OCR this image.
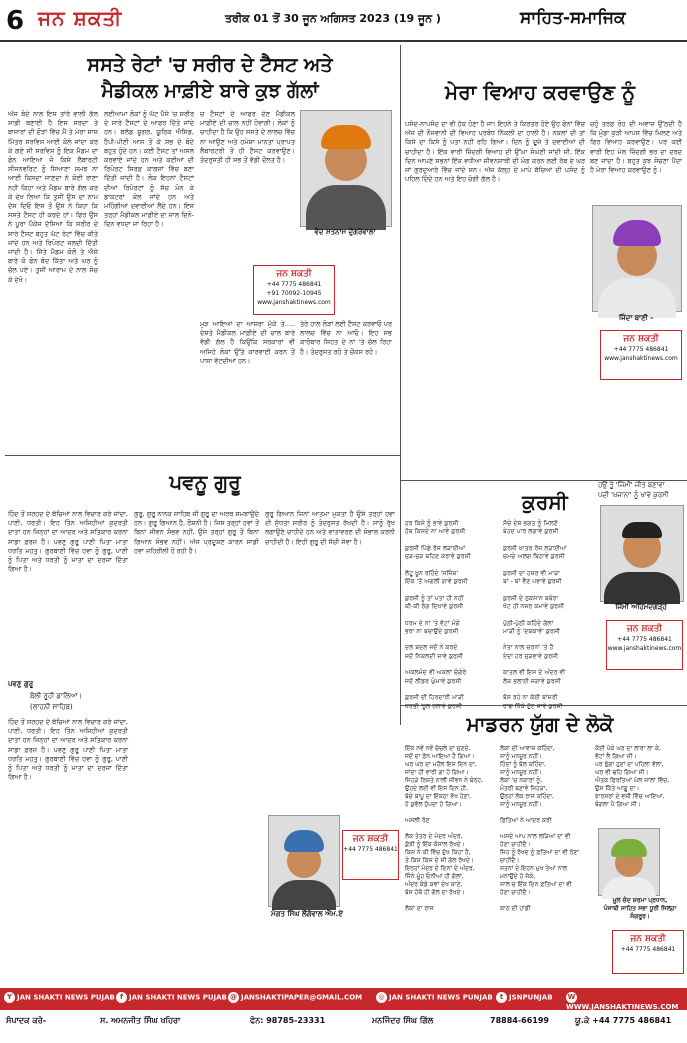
6 ਜਨ ਸ਼ਕਤੀ	ਤਰੀਕ 01 ਤੋਂ 30 ਜੂਨ ਅਗਿਸਤ 2023 (19 ਜੂਨ )	ਸਾਹਿਤ-ਸਮਾਜਿਕ
ਸਸਤੇ ਰੇਟਾਂ 'ਚ ਸਰੀਰ ਦੇ ਟੈਸਟ ਅਤੇ
ਮੈਡੀਕਲ ਮਾਫ਼ੀਏ ਬਾਰੇ ਕੁਝ ਗੱਲਾਂ
ਅੱਜ ਬੰਦੇ ਨਾਲ ਇਸ ਤਾਂਰੇ ਵਾਲੀ ਗੱਲ ਸਾਡੀ ਬਣਾਈ ਹੈ ਇਸ ਸਰਦਾ ਤੇ ਬਾਜਾਰਾਂ ਦੀ ਦੌੜਾਂ ਵਿੱਚ ਮੈਂ ਤੇ ਮੇਰਾ ਸਾਸ ਮਿੱਤਰ ਸਰਵਿਸ ਆਈ ਕੋਲੇ ਜਾਂਦਾ ਕਰ ਕੇ ਗਏ ਸੀ ਸਰਵਿਸ ਨੂੰ ਇਕ ਮੈਡਮ ਦਾ ਫੋਨ ਆਇਆ ਜੋ ਕਿਸੇ ਲੈਬਾਰਟੀ ਸੀਜਨਵਰਿਟ ਨੂੰ ਸਿਆਣਾ ਸਮਝ ਨਾ ਆਈ ਕਿਸਦਾ ਜਾਣਦਾ ਨੇ ਕੋਈ ਰਾਣਾ ਨਹੀਂ ਕਿਹਾ ਅਤੇ ਮੈਡਮ ਬਾਰੇ ਗੱਲ ਕਰ ਕੇ ਦੇਖ ਲਿਆ ਕਿ ਤੁਸੀਂ ਉਸ ਦਾ ਨਾਮ ਦੱਸ ਦਿਓ ਇਸ ਤੋਂ ਉਸ ਨੇ ਕਿਹਾ ਕਿ ਸਸਤੇ ਟੈਸਟ ਹੀ ਕਰਦੇ ਹਾਂ। ਫਿਰ ਉਸ ਨੇ ਪੂਰਾ ਪੈਕੇਜ ਦੱਸਿਆ ਕਿ ਸਰੀਰ ਦੇ ਸਾਰੇ ਟੈਸਟ ਬਹੁਤ ਘੱਟ ਰੇਟਾਂ ਵਿੱਚ ਕੀਤੇ ਜਾਂਦੇ ਹਨ ਅਤੇ ਰਿਪੋਰਟ ਜਲਦੀ ਦਿੱਤੀ ਜਾਂਦੀ ਹੈ। ਜਿੱਤੇ ਮੈਡਮ ਕੋਲੋਂ ਤੇ ਐਸੇ ਬਾਰੇ ਕੋ ਫੋਨ ਬੰਦ ਕਿੱਤਾ ਅਤੇ ਘਰ ਨੂੰ ਚੱਲ ਪਏ। ਤੁਸੀਂ ਆਰਾਮ ਦੇ ਨਾਲ ਸੋਚ ਕੇ ਦੇਖੋ।
ਲਈਆਮਾ ਲੋਕਾਂ ਨੂੰ ਘੱਟ ਪੈਸੇ 'ਚ ਸਰੀਰ ਦੇ ਸਾਰੇ ਟੈਸਟਾਂ ਦੇ ਆਫਰ ਦਿੱਤੇ ਜਾਂਦੇ ਹਨ। ਬਲੱਡ ਸ਼ੂਗਰ, ਯੂਰਿਕ ਐਸਿਡ, ਹੈਪੀ-ਪੀਣੀ ਆਸ ਤੋਂ ਕੇ ਸਭ ਦੇ ਬੰਦੇ ਬਹੁਤ ਹੁੰਦੇ ਹਨ। ਕਈ ਟੈਸਟ ਤਾਂ ਅਸਲ ਕਰਵਾਏ ਜਾਂਦੇ ਹਨ ਅਤੇ ਕਈਆਂ ਦੀ ਰਿਪੋਰਟ ਸਿਰਫ਼ ਕਾਗਜ਼ਾਂ ਵਿੱਚ ਬਣਾ ਦਿੱਤੀ ਜਾਂਦੀ ਹੈ। ਲੋਕ ਇਹਨਾਂ ਟੈਸਟਾਂ ਦੀਆਂ ਰਿਪੋਰਟਾਂ ਨੂੰ ਸੱਚ ਮੰਨ ਕੇ ਡਾਕਟਰਾਂ ਕੋਲ ਜਾਂਦੇ ਹਨ ਅਤੇ ਮਹਿੰਗੀਆਂ ਦਵਾਈਆਂ ਲੈਂਦੇ ਹਨ। ਇਸ ਤਰ੍ਹਾਂ ਮੈਡੀਕਲ ਮਾਫ਼ੀਏ ਦਾ ਜਾਲ ਦਿਨੋ-ਦਿਨ ਵਧਦਾ ਜਾ ਰਿਹਾ ਹੈ।
ਚ ਟੈਸਟਾਂ ਦੇ ਆਫਰ ਦੇਣ ਮੈਡੀਕਲ ਮਾਫ਼ੀਏ ਦੀ ਚਾਲ ਨਹੀਂ ਹੋਵਾਗੀ। ਲੋਕਾਂ ਨੂੰ ਚਾਹੀਦਾ ਹੈ ਕਿ ਉਹ ਸਸਤੇ ਦੇ ਲਾਲਚ ਵਿੱਚ ਨਾ ਆਉਣ ਅਤੇ ਹਮੇਸ਼ਾ ਮਾਨਤਾ ਪ੍ਰਾਪਤ ਲੈਬਾਰਟਰੀ ਤੋਂ ਹੀ ਟੈਸਟ ਕਰਵਾਉਣ। ਤੰਦਰੁਸਤੀ ਹੀ ਸਭ ਤੋਂ ਵੱਡੀ ਦੌਲਤ ਹੈ।
ਵੈਦ ਸਤਨਾਮ ਦੁੱਗਰੇਵਾਲਾ
ਜਨ ਸ਼ਕਤੀ
+44 7775 486841
+91 70092-10945
www.janshaktinews.com
ਮੁੜ ਆਇਆਂ ਦਾ ਆਸਰਾ ਮੁੱਕੇ ਤੇ..... ਦੇਸ਼ਤੇ ਮੈਡੀਕਲ ਮਾਫ਼ੀਏ ਦੀ ਚਾਲ ਬਾਰੇ ਵੱਡੀ ਗੱਲ ਹੈ ਕਿਉਂਕਿ ਸਰਕਾਰਾਂ ਵੀ ਅਜਿਹੇ ਲੋਕਾਂ ਉੱਤੇ ਕਾਰਵਾਈ ਕਰਨ ਤੋਂ ਪਾਸਾ ਵੱਟਦੀਆਂ ਹਨ।
ਤੇਰੇ ਹਾਲ ਲੋੜਾਂ ਲਈ ਟੈਸਟ ਕਰਵਾਓ ਪਰ ਲਾਲਚ ਵਿੱਚ ਨਾ ਆਓ। ਇਹ ਸਭ ਕਾਰੋਬਾਰ ਸਿਹਤ ਦੇ ਨਾਂ 'ਤੇ ਚੱਲ ਰਿਹਾ ਹੈ। ਤੰਦਰੁਸਤ ਰਹੋ ਤੇ ਚੌਕਸ ਰਹੋ।
ਮੇਰਾ ਵਿਆਹ ਕਰਵਾਉਣ ਨੂੰ
ਪਸੰਦ-ਨਾਪਸੰਦ ਦਾ ਵੀ ਹੱਕ ਹੋਣਾ ਹੈ ਜਾ! ਇਹਨੇ ਤੇ ਕਿਰਤਰ ਹੋਏ ਉਹ ਫੋਨਾਂ ਵਿੱਚ ਅੱਜ ਦੀ ਨੌਜਵਾਨੀ ਦੀ ਵਿਆਹ ਪ੍ਰਬੰਧ ਨਿੱਕਲੀ ਦਾ ਹਾਲੀ ਹੈ। ਨਕਲਾਂ ਦੀ ਤਾਂ ਕਿਸੇ ਦਾ ਕਿਸੇ ਨੂੰ ਪਤਾ ਨਹੀਂ ਰਹਿ ਗਿਆ। ਦਿਨ ਨੂੰ ਦੂਜੇ ਤੇ ਦਵਾਈਆਂ ਦੀ ਚਾਹੀਦਾ ਹੈ। ਇੱਕ ਵਾਰੀ ਜ਼ਿੰਦਗੀ ਵਿਆਹ ਦੀ ਉੱਘਾ ਸੰਘਣੀ ਜਾਂਦੀ ਸੀ, ਇੱਕ ਦਿਨ ਆਪਣੇ ਸਭਨਾਂ ਇੱਕ ਵਧੀਆ ਜੀਵਨਸਾਥੀ ਦੀ ਮੰਗ ਕਰਨ ਲਈ ਰੱਬ ਦੇ ਘਰ ਜਾਂ ਗੁਰਦੁਆਰੇ ਵਿੱਚ ਜਾਂਦੇ ਸਨ। ਅੱਜ ਕੱਲ੍ਹ ਦੇ ਮਾਪੇ ਬੱਚਿਆਂ ਦੀ ਪਸੰਦ ਨੂੰ ਪਹਿਲ ਦਿੰਦੇ ਹਨ ਅਤੇ ਇਹ ਚੰਗੀ ਗੱਲ ਹੈ।
ਚਹੁੰ ਤਰਫ਼ ਰੋਹ ਦੀ ਅਵਾਜ਼ ਉੱਠਦੀ ਹੈ ਕਿ ਮੁੰਡਾ ਕੁੜੀ ਆਪਸ ਵਿੱਚ ਮਿਲਣ ਅਤੇ ਫਿਰ ਵਿਆਹ ਕਰਵਾਉਣ। ਪਰ ਕਈ ਵਾਰੀ ਇਹ ਮੇਲ ਜ਼ਿੰਦਗੀ ਭਰ ਦਾ ਦਰਦ ਬਣ ਜਾਂਦਾ ਹੈ। ਬਹੁਤ ਕੁਝ ਸੋਚਣਾ ਪੈਂਦਾ ਹੈ ਮੇਰਾ ਵਿਆਹ ਕਰਵਾਉਣ ਨੂੰ।
ਜਿੰਦਾ ਬਾਣੀ -
ਜਨ ਸ਼ਕਤੀ
+44 7775 486841
www.janshaktinews.com
ਪਵਨੂ ਗੁਰੂ
ਹਿੰਦ ਤੋਂ ਸਰਹਦ ਦੇ ਬੱਚਿਆਂ ਨਾਲ ਵਿਚਾਰ ਕਰੇ ਜਾਂਦਾ, ਪਾਣੀ, ਧਰਤੀ। ਇਹ ਤਿੰਨ ਅਜਿਹੀਆਂ ਕੁਦਰਤੀ ਦਾਤਾਂ ਹਨ ਜਿਨ੍ਹਾਂ ਦਾ ਆਦਰ ਅਤੇ ਸਤਿਕਾਰ ਕਰਨਾ ਸਾਡਾ ਫ਼ਰਜ਼ ਹੈ। ਪਵਣੁ ਗੁਰੂ ਪਾਣੀ ਪਿਤਾ ਮਾਤਾ ਧਰਤਿ ਮਹਤੁ। ਗੁਰਬਾਣੀ ਵਿੱਚ ਹਵਾ ਨੂੰ ਗੁਰੂ, ਪਾਣੀ ਨੂੰ ਪਿਤਾ ਅਤੇ ਧਰਤੀ ਨੂੰ ਮਾਤਾ ਦਾ ਦਰਜਾ ਦਿੱਤਾ ਗਿਆ ਹੈ।
ਪਵਣੁ ਗੁਰੂ
ਬੋਲੀ ਰੂਹੀ ਡਾਲਿਆ।
(ਲਾਹਨੀ ਸਾਹਿਬ)
ਹਿੰਦ ਤੋਂ ਸਰਹਦ ਦੇ ਬੱਚਿਆਂ ਨਾਲ ਵਿਚਾਰ ਕਰੇ ਜਾਂਦਾ, ਪਾਣੀ, ਧਰਤੀ। ਇਹ ਤਿੰਨ ਅਜਿਹੀਆਂ ਕੁਦਰਤੀ ਦਾਤਾਂ ਹਨ ਜਿਨ੍ਹਾਂ ਦਾ ਆਦਰ ਅਤੇ ਸਤਿਕਾਰ ਕਰਨਾ ਸਾਡਾ ਫ਼ਰਜ਼ ਹੈ। ਪਵਣੁ ਗੁਰੂ ਪਾਣੀ ਪਿਤਾ ਮਾਤਾ ਧਰਤਿ ਮਹਤੁ। ਗੁਰਬਾਣੀ ਵਿੱਚ ਹਵਾ ਨੂੰ ਗੁਰੂ, ਪਾਣੀ ਨੂੰ ਪਿਤਾ ਅਤੇ ਧਰਤੀ ਨੂੰ ਮਾਤਾ ਦਾ ਦਰਜਾ ਦਿੱਤਾ ਗਿਆ ਹੈ।
ਗੁਰੂ, ਗੁਰੂ ਨਾਨਕ ਸਾਹਿਬ ਜੀ ਗੁਰੂ ਦਾ ਅਰਥ ਸਮਝਾਉਂਦੇ ਹਨ। ਗੁਰੂ ਗਿਆਨ ਹੈ, ਰੌਸ਼ਨੀ ਹੈ। ਜਿਸ ਤਰ੍ਹਾਂ ਹਵਾ ਤੋਂ ਬਿਨਾਂ ਜੀਵਨ ਸੰਭਵ ਨਹੀਂ, ਉਸੇ ਤਰ੍ਹਾਂ ਗੁਰੂ ਤੋਂ ਬਿਨਾਂ ਗਿਆਨ ਸੰਭਵ ਨਹੀਂ। ਅੱਜ ਪ੍ਰਦੂਸ਼ਣ ਕਾਰਨ ਸਾਡੀ ਹਵਾ ਜ਼ਹਿਰੀਲੀ ਹੋ ਰਹੀ ਹੈ।
ਗੁਰੂ ਗਿਆਨ ਜਿਨਾਂ ਆਤਮਾ ਮੁਕਤਾ ਹੈ ਉਸੇ ਤਰ੍ਹਾਂ ਹਵਾ ਦੀ ਸ਼ੁੱਧਤਾ ਸਰੀਰ ਨੂੰ ਤੰਦਰੁਸਤ ਰੱਖਦੀ ਹੈ। ਸਾਨੂੰ ਰੁੱਖ ਲਗਾਉਣੇ ਚਾਹੀਦੇ ਹਨ ਅਤੇ ਵਾਤਾਵਰਣ ਦੀ ਸੰਭਾਲ ਕਰਨੀ ਚਾਹੀਦੀ ਹੈ। ਇਹੀ ਗੁਰੂ ਦੀ ਸੱਚੀ ਸੇਵਾ ਹੈ।
ਮੰਗਤ ਸਿੰਘ ਲੌਂਗੋਵਾਲ ਐਮ.ਏ
ਜਨ ਸ਼ਕਤੀ
+44 7775 486841
ਕੁਰਸੀ
ਹਰ ਕਿਸੇ ਨੂੰ ਭਾਵੇ ਕੁਰਸੀ
ਹੱਥ ਕਿਸਦੇ ਨਾ ਆਵੇ ਕੁਰਸੀ

ਕੁਰਸੀ ਪਿੱਛੇ ਰੋਜ਼ ਲੜਾਈਆਂ
ਜੁੜ-ਜੁੜ ਬਹਿਣ ਕਰਾਵੇ ਕੁਰਸੀ

ਲੋਟੂ ਖ਼ੂਨ ਰਹਿੰਦੇ 'ਸਜਿੰਸ਼'
ਇੱਕ 'ਤੋਂ ਅਗਲੀ ਗਾਵੇ ਕੁਰਸੀ

ਕੁਰਸੀ ਨੂੰ ਤਾਂ ਪਤਾ ਹੀ ਨਹੀਂ
ਕੀ-ਕੀ ਰੰਗ ਦਿਖਾਵੇ ਕੁਰਸੀ

ਧਰਮ ਦੇ ਨਾਂ 'ਤੇ ਵੋਟਾਂ ਮੰਗੇ
ਭਰਾ ਨਾ ਬਚਾਉਂਦੇ ਕੁਰਸੀ

ਦਲ ਬਦਲ ਜਦੋਂ ਨੇ ਕਰਦੇ
ਜਦੋਂ ਨਿਕਲਦੀ ਜਾਵੇ ਕੁਰਸੀ

ਅਕਲਮੰਦ ਵੀ ਅਕਲਾਂ ਚੰਗੇਰੇ
ਜਦੋਂ ਲੀਡਰ ਘੁੰਮਾਵੇ ਕੁਰਸੀ

ਕੁਰਸੀ ਦੀ ਹਿਰਦਾਰੀ ਮਾੜੀ
ਧਰਤੀ 'ਧੂਲ ਰਲਾਵੇ ਕੁਰਸੀ
ਸੱਚੇ ਦੇਸ਼ ਭਗਤ ਨੂੰ ਮਿਲਣੋਂ
ਬੇਹਦ ਪਾਰ ਲਗਾਵੇ ਕੁਰਸੀ

ਕੁਰਸੀ ਖ਼ਾਤਰ ਰੋਜ਼ ਲੜਾਈਆਂ
ਚਮਚੇ ਅਲਗ ਬਿਠਾਵੇ ਕੁਰਸੀ

ਕੁਰਸੀ ਦਾ ਹਸ਼ਰ ਵੀ ਮਾੜਾ
ਬਾਂ - ਬਾਂ ਵੈਣ ਪਵਾਵੇ ਕੁਰਸੀ

ਕੁਰਸੀ ਦੇ ਨੁਕਸਾਨ ਬਥੇਰਾ
ਖੋਟ ਹੀ ਨਜ਼ਰ ਕਮਾਵੇ ਕੁਰਸੀ

ਪੁੱਠੀ-ਪੁੱਠੀ ਕਹਿੰਦੇ ਗੱਲਾਂ
ਮਾੜੀ ਨੂੰ 'ਦਬਕਾਵੇ' ਕੁਰਸੀ

ਨੇਤਾ ਨਾਲ ਚਰਨਾਂ 'ਤੇ ਹੈ
ਏਦਾਂ ਹਰ ਜੁੜਵਾਵੇ ਕੁਰਸੀ

ਕਾਤਲ ਵੀ ਇਸ ਦੇ ਅੰਦਰ ਵੀ
ਲੋਕ ਭਲਾਈ ਜਗਾਵੇ ਕੁਰਸੀ

ਬੱਸ ਰਹੇ ਨਾ ਕੋਈ ਬਾਂਸਰੀ
ਰਾਗ ਧਿੱਕੇ ਟੁੱਟ ਜਾਵੇ ਕੁਰਸੀ
ਹਉਂ ਤੂੰ 'ਜਿੰਮੀ' ਜੀਤ ਬਣਾਵਾ
ਪਦੀ 'ਖ਼ਜਾਨਾ' ਨੂੰ ਖਾਵੇ ਕੁਰਸੀ
ਜਿੰਮੀ ਅਹਿਮਦਗੜ੍ਹ
ਜਨ ਸ਼ਕਤੀ
+44 7775 486841
www.janshaktinews.com
ਮਾਡਰਨ ਯੁੱਗ ਦੇ ਲੋਕੋ
ਇੱਕ ਨਵੇਂ ਨਵੇਂ ਚੋਚਲੇ ਦਾ ਸੁਣਦੇ,
ਜਦੋਂ ਦਾ ਫ਼ੋਨ ਆਇਆ ਹੈ ਗਿਆ।
ਘਰ ਘਰ ਦਾ ਮਹੌਲ ਇਸ ਦਿਨ ਦਾ,
ਜਾਂਦਾ ਹੀ ਵਾਰੀ ਗਾ ਹੋ ਗਿਆ।
ਜਿਹੜੇ ਰਿਸ਼ਤੇ ਨਾਲੀ ਜੀਵਨ ਨੇ ਬੰਨ੍ਹ,
ਉਹਦੇ ਲਈ ਵੀ ਇਸ ਦਿਨ ਹੀ,
ਬੱਚੇ ਬਾਪੂ ਦਾ ਇੱਕਠਾ ਵੱਖ ਹੋਣਾ,
ਹੋ ਕੁਵੱਲ ਧੁੱਪਦਾ ਹੋ ਗਿਆ।

ਅਸਲੀ ਰੋਣ

ਲੋਕ ਤੰਤਰ ਦੇ ਮੰਦਰ ਅੰਦਰ,
ਕੁੱਝੀ ਨੂੰ ਇੱਕ ਕੋਸਾਲ ਰੱਖਦੇ।
ਕਿਸ ਨੇ ਕੀ ਵਿੱਚ ਦੁੱਖ ਕਿਹਾ ਹੈ,
ਤੇ ਕਿਸ ਕਿਸ ਦੇ ਸੀ ਗੱਲ ਰੱਖਦੇ।
ਇਨ੍ਹਾਂ ਮੰਦਰ ਦੇ ਦਿਨਾਂ ਦੇ ਅੰਦਰ,
ਜਿੰਨੇ ਮੂੰਹ ਓਨੀਆਂ ਹੀ ਗੱਲਾਂ,
ਅੰਦਰ ਕੰਡੇ ਕਵਾਂ ਦੇਖ ਕਾਣੇ,
ਬੱਸ ਹੱਥੋਂ ਹੀ ਗੱਲ ਦਾ ਰੱਖਦੇ।

ਲੋਕਾਂ ਦਾ ਰਾਜ
ਲੋਕਾਂ ਦੀ ਆਵਾਜ਼ ਕਹਿੰਦਾ,
ਸਾਨੂੰ ਮਨਜ਼ੂਰ ਨਹੀਂ।
ਹਿੰਦਾਂ ਨੂੰ ਬੋਲ ਕਹਿੰਦਾ,
ਸਾਨੂੰ ਮਨਜ਼ੂਰ ਨਹੀਂ।
ਲੋਕਾਂ 'ਚ ਨਕਾਰਾਂ ਨੂੰ,
ਮੰਤਰੀ ਬਣਾਵੇ ਜਿਹੜਾ,
ਉਨ੍ਹਾਂ ਲੋਕ ਰਾਜ ਕਹਿੰਦਾ,
ਸਾਨੂੰ ਮਨਜ਼ੂਰ ਨਹੀਂ।

ਫ਼ਿਤਿਆਂ ਨੇ ਆਦਰ ਕਰੀ

ਅਸਦੇ ਆਪ ਨਾਲ ਲੜਿਆਂ ਦਾ ਵੀ
ਹੋਣਾ ਚਾਹੀਦੈ।
ਜਿਹ ਨੂੰ ਰੱਖਦ ਨੂੰ ਫ਼ਤਿਆਂ ਦਾ ਵੀ ਰੋਣਾ
ਚਾਹੀਦੈ।
ਸਤਨਾਂ ਦੇ ਇਹਨ ਮੁਖ ਤੇਆਂ ਨਾਲ
ਮਨਾਉਂਦੇ ਹੋ ਜੋਕੇ,
ਸਾਲ ਚ ਇੱਕ ਦਿਨ ਫ਼ਤਿਆਂ ਦਾ ਵੀ
ਹੋਣਾ ਚਾਹੀਦੈ।

ਕਾਠ ਦੀ ਹਾਂਡੀ
ਕੋਈ ਪੱਕੇ ਘਰ ਦਾ ਲਾਰਾ ਲਾ ਕੇ,
ਵੋਟਾਂ ਲੈ ਗਿਆ ਸੀ।
ਪਰ ਝੁੱਗਾ ਹੁਣਾਂ ਦਾ ਪਹਿਲਾ ਵੱਲਾ,
ਘਰ ਵੀ ਢਹਿ ਗਿਆ ਸੀ।
ਐਤਕ ਫਿਰਤਿਆਂ ਘੱਲ ਜਾਲਾਂ ਵਿੱਚ,
ਉਸ ਕਿੱਤੇ ਆਗੂ ਦਾ।
ਝਾਰਸਰਾਂ ਦੇ ਵਸ਼ੀ ਵਿੱਚ ਆਇਆ,
ਬੰਗਲਾ ਪੈ ਗਿਆ ਸੀ।
ਮੂਲ ਚੰਦ ਸ਼ਰਮਾ ਪ੍ਰਧਾਨ,
ਪੰਜਾਬੀ ਸਾਹਿਤ ਸਭਾ ਧੂਰੀ ਜਿਲ੍ਹਾ
ਸੰਗਰੂਰ।
ਜਨ ਸ਼ਕਤੀ
+44 7775 486841
Y JAN SHAKTI NEWS PUJAB f JAN SHAKTI NEWS PUJAB @ JANSHAKTIPAPER@GMAIL.COM	◎ JAN SHAKTI NEWS PUNJAB	t JSNPUNJAB WWWW.JANSHAKTINEWS.COM
ਸੰਪਾਦਕ ਕਰੋ-	ਸ. ਅਮਨਜੀਤ ਸਿੰਘ ਖਹਿਰਾ	ਫੋਨ: 98785-23331	ਮਨਜਿੰਦਰ ਸਿੰਘ ਗਿੱਲ	78884-66199	ਯੂ.ਕੇ +44 7775 486841
